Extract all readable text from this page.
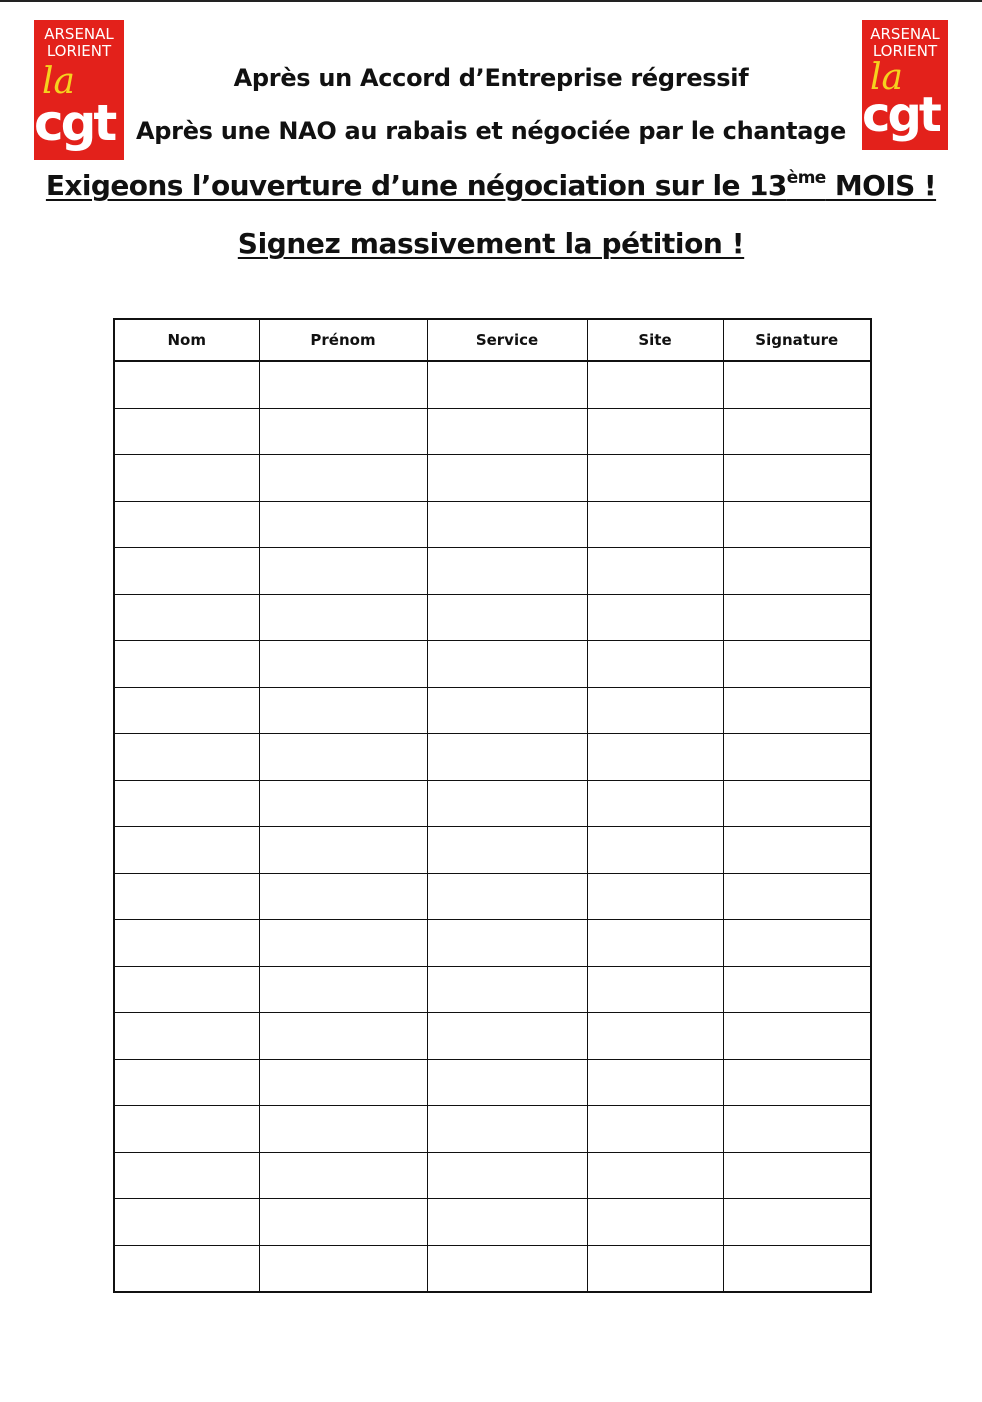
ARSENAL
LORIENT
la
cgt
ARSENAL
LORIENT
la
cgt
Après un Accord d’Entreprise régressif
Après une NAO au rabais et négociée par le chantage
Exigeons l’ouverture d’une négociation sur le 13ème MOIS !
Signez massivement la pétition !
Nom	Prénom	Service	Site	Signature
